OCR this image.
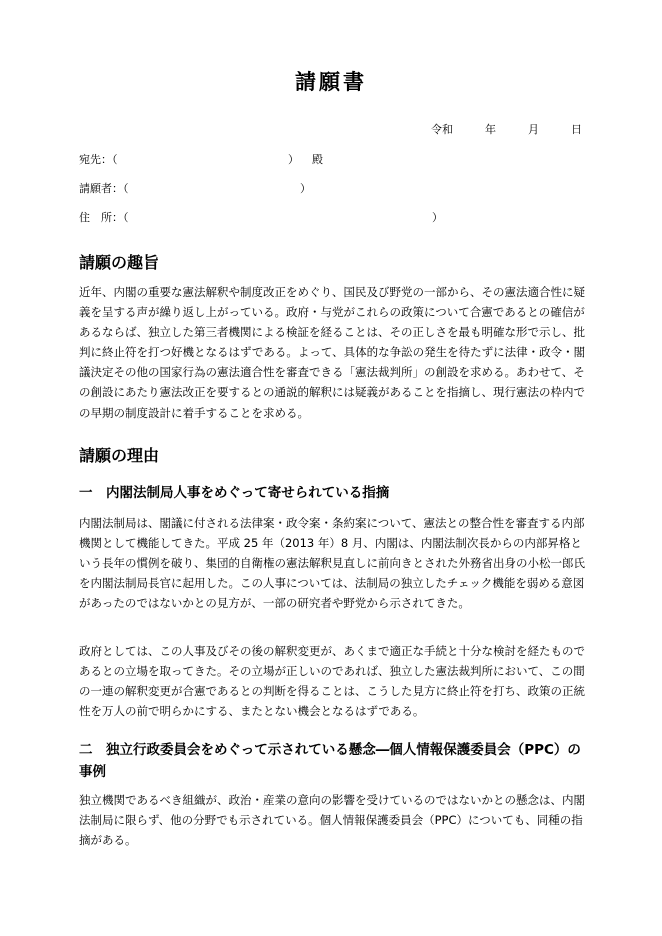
請願書
令和	年	月	日
宛先：（	） 殿
請願者：（	）
住　所：（	）
請願の趣旨
近年、内閣の重要な憲法解釈や制度改正をめぐり、国民及び野党の一部から、その憲法適合性に疑義を呈する声が繰り返し上がっている。政府・与党がこれらの政策について合憲であるとの確信があるならば、独立した第三者機関による検証を経ることは、その正しさを最も明確な形で示し、批判に終止符を打つ好機となるはずである。よって、具体的な争訟の発生を待たずに法律・政令・閣議決定その他の国家行為の憲法適合性を審査できる「憲法裁判所」の創設を求める。あわせて、その創設にあたり憲法改正を要するとの通説的解釈には疑義があることを指摘し、現行憲法の枠内での早期の制度設計に着手することを求める。
請願の理由
一　内閣法制局人事をめぐって寄せられている指摘
内閣法制局は、閣議に付される法律案・政令案・条約案について、憲法との整合性を審査する内部機関として機能してきた。平成 25 年（2013 年）8 月、内閣は、内閣法制次長からの内部昇格という長年の慣例を破り、集団的自衛権の憲法解釈見直しに前向きとされた外務省出身の小松一郎氏を内閣法制局長官に起用した。この人事については、法制局の独立したチェック機能を弱める意図があったのではないかとの見方が、一部の研究者や野党から示されてきた。
政府としては、この人事及びその後の解釈変更が、あくまで適正な手続と十分な検討を経たものであるとの立場を取ってきた。その立場が正しいのであれば、独立した憲法裁判所において、この間の一連の解釈変更が合憲であるとの判断を得ることは、こうした見方に終止符を打ち、政策の正統性を万人の前で明らかにする、またとない機会となるはずである。
二　独立行政委員会をめぐって示されている懸念―個人情報保護委員会（PPC）の事例
独立機関であるべき組織が、政治・産業の意向の影響を受けているのではないかとの懸念は、内閣法制局に限らず、他の分野でも示されている。個人情報保護委員会（PPC）についても、同種の指摘がある。
